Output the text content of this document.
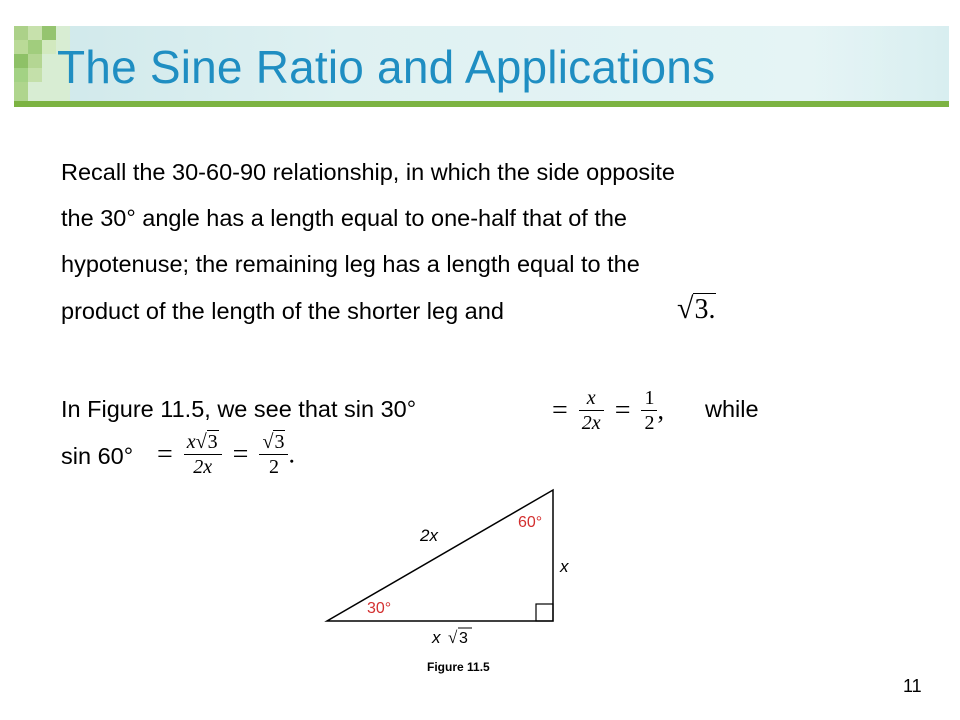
The Sine Ratio and Applications
Recall the 30-60-90 relationship, in which the side opposite
the 30° angle has a length equal to one-half that of the
hypotenuse; the remaining leg has a length equal to the
product of the length of the shorter leg and	√3.
In Figure 11.5, we see that sin 30°	= $\frac{x}{2x} = \frac{1}{2}$ , while
$\sin 60^\circ = \frac{x√3}{2x} = \frac{√3}{2}$ .
2x
60°
x
30°
x √ 3
Figure 11.5
11
